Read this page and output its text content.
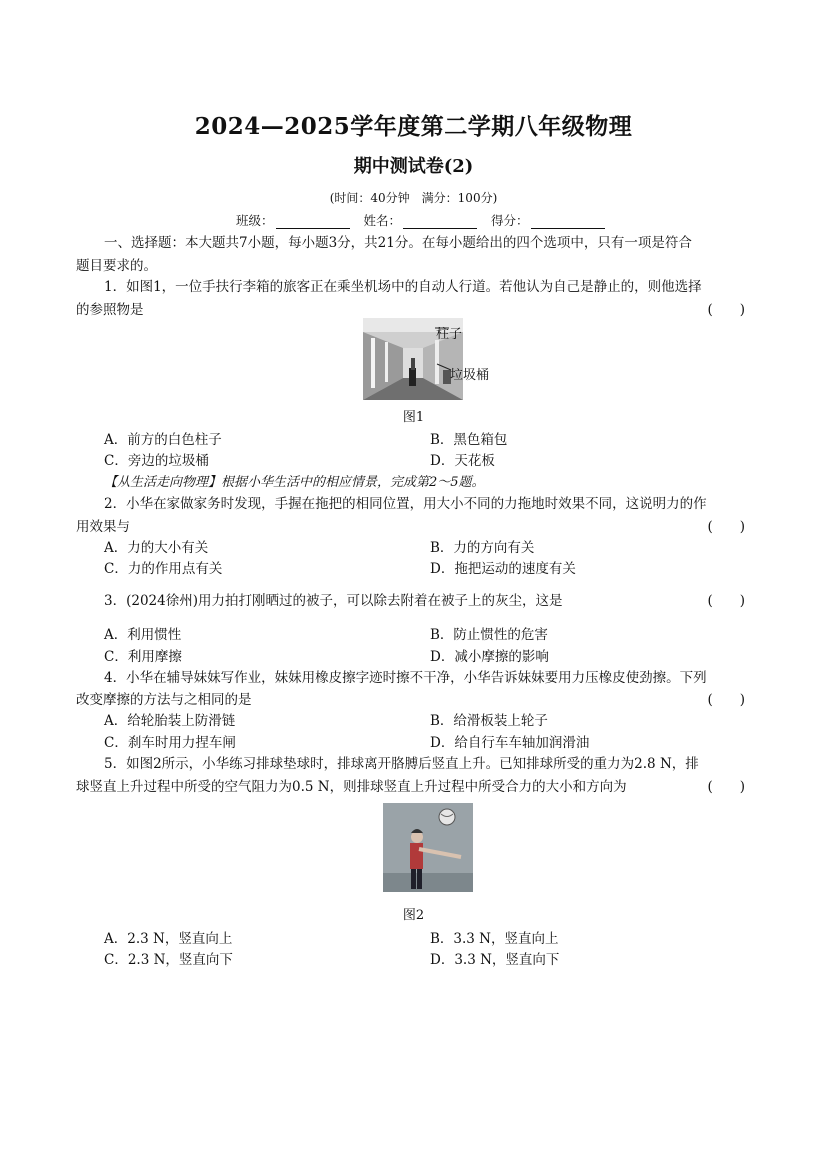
2024—2025学年度第二学期八年级物理
期中测试卷(2)
(时间：40分钟　满分：100分)
班级：	姓名：	得分：
一、选择题：本大题共7小题，每小题3分，共21分。在每小题给出的四个选项中，只有一项是符合
题目要求的。
1．如图1，一位手扶行李箱的旅客正在乘坐机场中的自动人行道。若他认为自己是静止的，则他选择
的参照物是	(　　)
柱子
垃圾桶
图1
A．前方的白色柱子	B．黑色箱包
C．旁边的垃圾桶	D．天花板
【从生活走向物理】根据小华生活中的相应情景，完成第2～5题。
2．小华在家做家务时发现，手握在拖把的相同位置，用大小不同的力拖地时效果不同，这说明力的作
用效果与	(　　)
A．力的大小有关	B．力的方向有关
C．力的作用点有关	D．拖把运动的速度有关
3．(2024徐州)用力拍打刚晒过的被子，可以除去附着在被子上的灰尘，这是	(　　)
A．利用惯性	B．防止惯性的危害
C．利用摩擦	D．减小摩擦的影响
4．小华在辅导妹妹写作业，妹妹用橡皮擦字迹时擦不干净，小华告诉妹妹要用力压橡皮使劲擦。下列
改变摩擦的方法与之相同的是	(　　)
A．给轮胎装上防滑链	B．给滑板装上轮子
C．刹车时用力捏车闸	D．给自行车车轴加润滑油
5．如图2所示，小华练习排球垫球时，排球离开胳膊后竖直上升。已知排球所受的重力为2.8 N，排
球竖直上升过程中所受的空气阻力为0.5 N，则排球竖直上升过程中所受合力的大小和方向为	(　　)
图2
A．2.3 N，竖直向上	B．3.3 N，竖直向上
C．2.3 N，竖直向下	D．3.3 N，竖直向下
